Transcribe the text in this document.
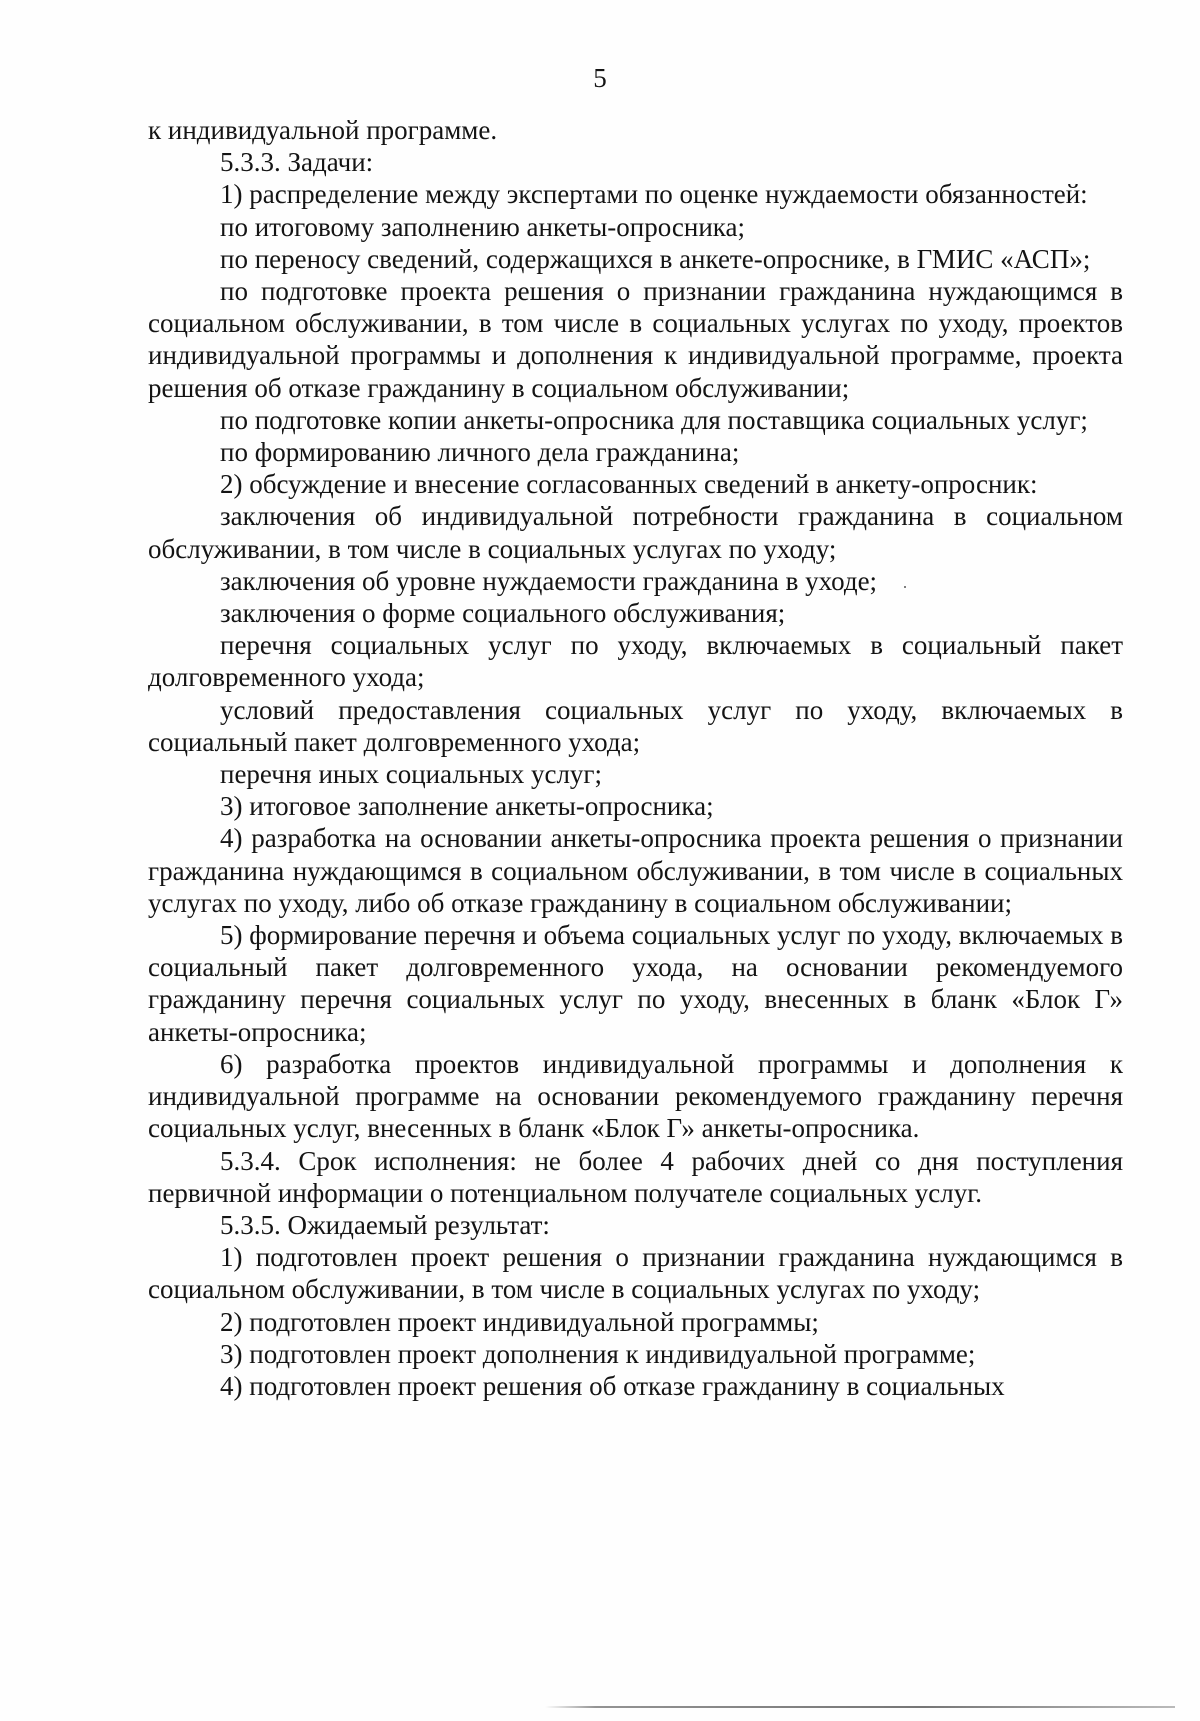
5

к индивидуальной программе.

5.3.3. Задачи:

1) распределение между экспертами по оценке нуждаемости обязанностей:

по итоговому заполнению анкеты-опросника;

по переносу сведений, содержащихся в анкете-опроснике, в ГМИС «АСП»;

по подготовке проекта решения о признании гражданина нуждающимся в социальном обслуживании, в том числе в социальных услугах по уходу, проектов индивидуальной программы и дополнения к индивидуальной программе, проекта решения об отказе гражданину в социальном обслуживании;

по подготовке копии анкеты-опросника для поставщика социальных услуг;

по формированию личного дела гражданина;

2) обсуждение и внесение согласованных сведений в анкету-опросник:

заключения об индивидуальной потребности гражданина в социальном обслуживании, в том числе в социальных услугах по уходу;

заключения об уровне нуждаемости гражданина в уходе;

заключения о форме социального обслуживания;

перечня социальных услуг по уходу, включаемых в социальный пакет долговременного ухода;

условий предоставления социальных услуг по уходу, включаемых в социальный пакет долговременного ухода;

перечня иных социальных услуг;

3) итоговое заполнение анкеты-опросника;

4) разработка на основании анкеты-опросника проекта решения о признании гражданина нуждающимся в социальном обслуживании, в том числе в социальных услугах по уходу, либо об отказе гражданину в социальном обслуживании;

5) формирование перечня и объема социальных услуг по уходу, включаемых в социальный пакет долговременного ухода, на основании рекомендуемого гражданину перечня социальных услуг по уходу, внесенных в бланк «Блок Г» анкеты-опросника;

6) разработка проектов индивидуальной программы и дополнения к индивидуальной программе на основании рекомендуемого гражданину перечня социальных услуг, внесенных в бланк «Блок Г» анкеты-опросника.

5.3.4. Срок исполнения: не более 4 рабочих дней со дня поступления первичной информации о потенциальном получателе социальных услуг.

5.3.5. Ожидаемый результат:

1) подготовлен проект решения о признании гражданина нуждающимся в социальном обслуживании, в том числе в социальных услугах по уходу;

2) подготовлен проект индивидуальной программы;

3) подготовлен проект дополнения к индивидуальной программе;

4) подготовлен проект решения об отказе гражданину в социальных
